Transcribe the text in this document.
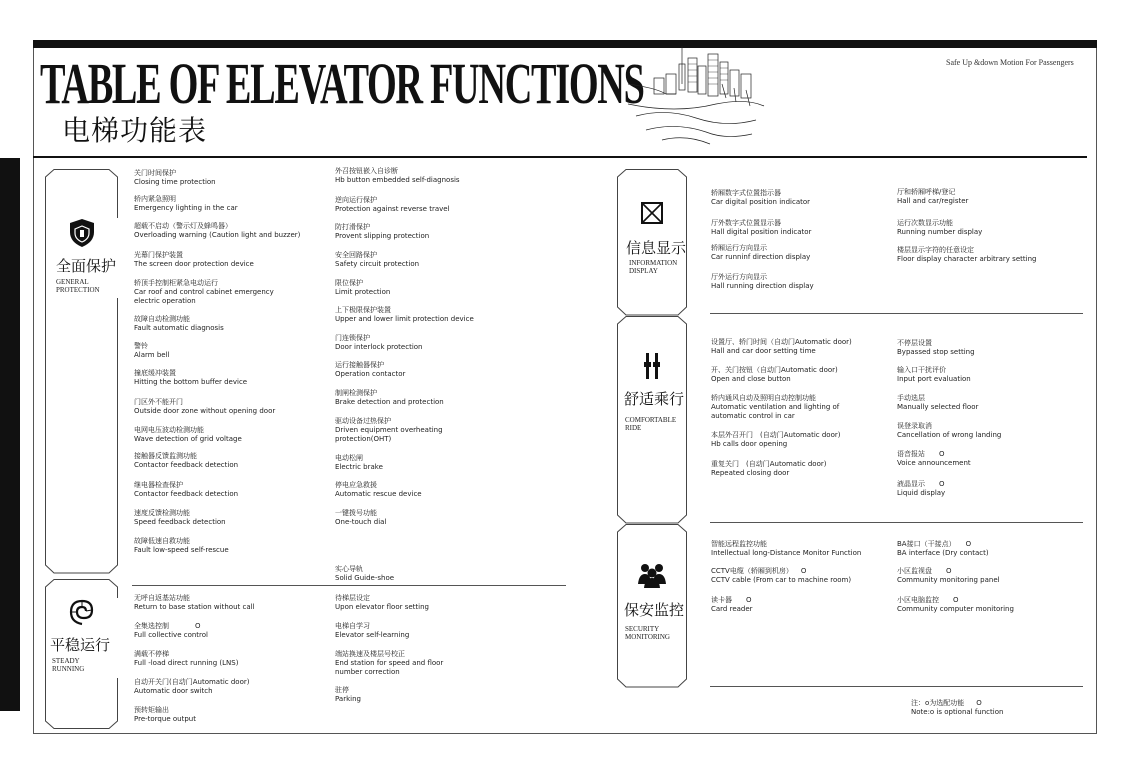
TABLE OF ELEVATOR FUNCTIONS
电梯功能表
Safe Up &down Motion For Passengers
全面保护
GENERAL
PROTECTION
平稳运行
STEADY
RUNNING
信息显示
INFORMATION
DISPLAY
舒适乘行
COMFORTABLE
RIDE
保安监控
SECURITY
MONITORING
关门时间保护
Closing time protection
轿内紧急照明
Emergency lighting in the car
超载不启动（警示灯及蜂鸣器）
Overloading warning (Caution light and buzzer)
光幕门保护装置
The screen door protection device
轿顶手控制柜紧急电动运行
Car roof and control cabinet emergency electric operation
故障自动检测功能
Fault automatic diagnosis
警铃
Alarm bell
撞底缓冲装置
Hitting the bottom buffer device
门区外不能开门
Outside door zone without opening door
电网电压波动检测功能
Wave detection of grid voltage
接触器反馈监测功能
Contactor feedback detection
继电器检查保护
Contactor feedback detection
速度反馈检测功能
Speed feedback detection
故障低速自救功能
Fault low-speed self-rescue
外召按钮嵌入自诊断
Hb button embedded self-diagnosis
逆向运行保护
Protection against reverse travel
防打滑保护
Provent slipping protection
安全回路保护
Safety circuit protection
限位保护
Limit protection
上下极限保护装置
Upper and lower limit protection device
门连锁保护
Door interlock protection
运行接触器保护
Operation contactor
制闸检测保护
Brake detection and protection
驱动设备过热保护
Driven equipment overheating protection(OHT)
电动松闸
Electric brake
停电应急救援
Automatic rescue device
一键拨号功能
One-touch dial
实心导轨
Solid Guide-shoe
无呼自返基站功能
Return to base station without call
全集选控制	O
Full collective control
满载不停梯
Full -load direct running (LNS)
自动开关门(自动门Automatic door)
Automatic door switch
预转矩输出
Pre-torque output
待梯层设定
Upon elevator floor setting
电梯自学习
Elevator self-learning
端站换速及楼层号校正
End station for speed and floor number correction
驻停
Parking
轿厢数字式位置指示器
Car digital position indicator
厅外数字式位置显示器
Hall digital position indicator
轿厢运行方向显示
Car runninf direction display
厅外运行方向显示
Hall running direction display
厅和轿厢呼梯/登记
Hall and car/register
运行次数显示功能
Running number display
楼层显示字符的任意设定
Floor display character arbitrary setting
设置厅、轿门时间（自动门Automatic door)
Hall and car door setting time
开、关门按钮（自动门Automatic door)
Open and close button
轿内通风自动及照明自动控制功能
Automatic ventilation and lighting of automatic control in car
本层外召开门　(自动门Automatic door)
Hb calls door opening
重复关门　(自动门Automatic door)
Repeated closing door
不停层设置
Bypassed stop setting
输入口干扰评价
Input port evaluation
手动选层
Manually selected floor
误登录取消
Cancellation of wrong landing
语音报站 O
Voice announcement
液晶显示 O
Liquid display
智能远程监控功能
Intellectual long-Distance Monitor Function
CCTV电缆（轿厢到机房） O
CCTV cable (From car to machine room)
读卡器 O
Card reader
BA接口（干接点） O
BA interface (Dry contact)
小区监视盘 O
Community monitoring panel
小区电脑监控 O
Community computer monitoring
注：o为选配功能 O
Note:o is optional function
